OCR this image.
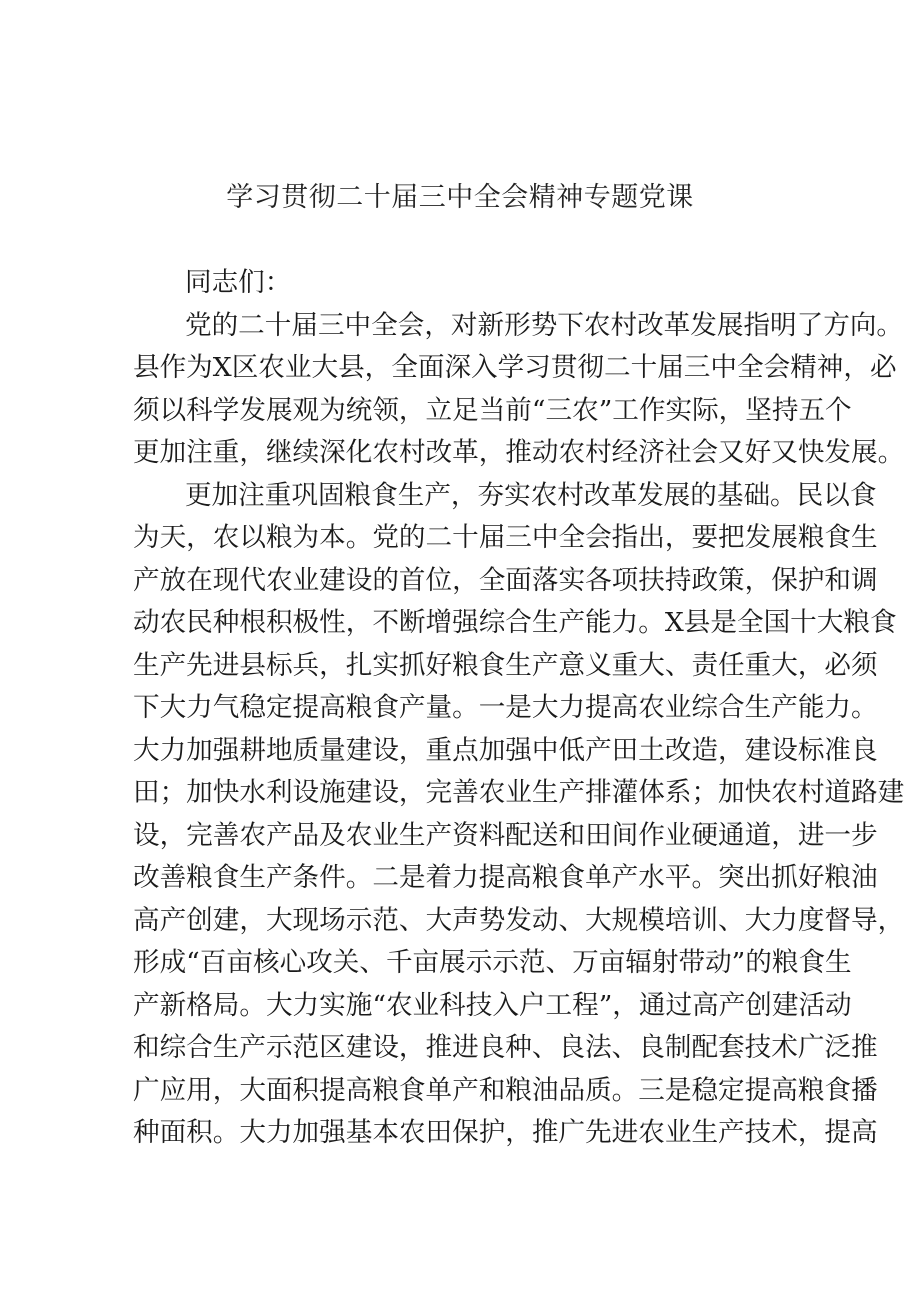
学习贯彻二十届三中全会精神专题党课
同志们：
党的二十届三中全会，对新形势下农村改革发展指明了方向。
县作为X区农业大县，全面深入学习贯彻二十届三中全会精神，必
须以科学发展观为统领，立足当前“三农”工作实际，坚持五个
更加注重，继续深化农村改革，推动农村经济社会又好又快发展。
更加注重巩固粮食生产，夯实农村改革发展的基础。民以食
为天，农以粮为本。党的二十届三中全会指出，要把发展粮食生
产放在现代农业建设的首位，全面落实各项扶持政策，保护和调
动农民种根积极性，不断增强综合生产能力。X县是全国十大粮食
生产先进县标兵，扎实抓好粮食生产意义重大、责任重大，必须
下大力气稳定提高粮食产量。一是大力提高农业综合生产能力。
大力加强耕地质量建设，重点加强中低产田土改造，建设标准良
田；加快水利设施建设，完善农业生产排灌体系；加快农村道路建
设，完善农产品及农业生产资料配送和田间作业硬通道，进一步
改善粮食生产条件。二是着力提高粮食单产水平。突出抓好粮油
高产创建，大现场示范、大声势发动、大规模培训、大力度督导，
形成“百亩核心攻关、千亩展示示范、万亩辐射带动”的粮食生
产新格局。大力实施“农业科技入户工程”，通过高产创建活动
和综合生产示范区建设，推进良种、良法、良制配套技术广泛推
广应用，大面积提高粮食单产和粮油品质。三是稳定提高粮食播
种面积。大力加强基本农田保护，推广先进农业生产技术，提高
